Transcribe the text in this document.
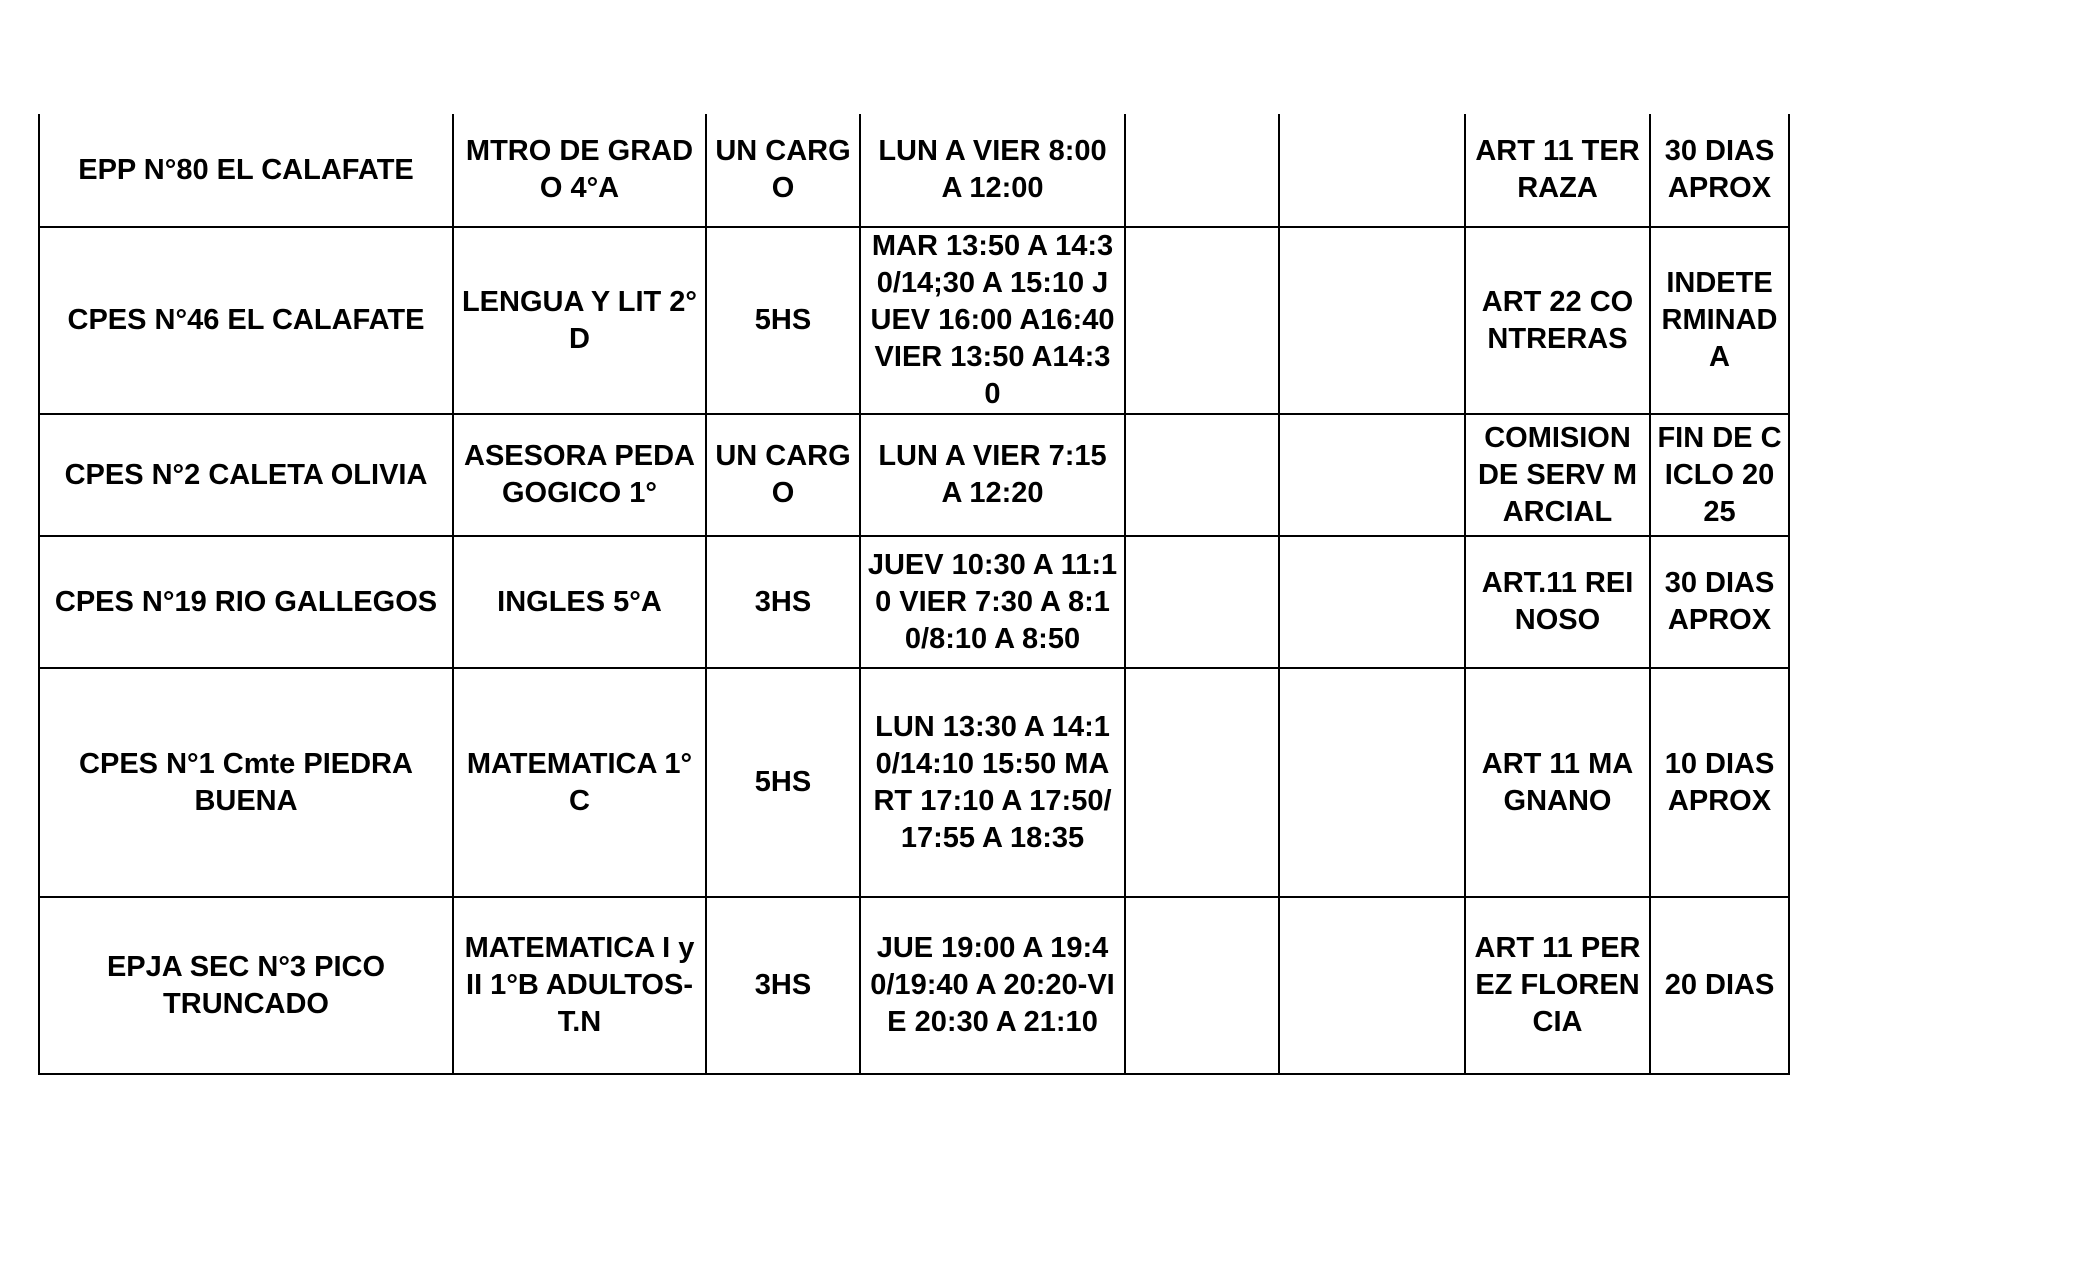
EPP N°80 EL CALAFATE	MTRO DE GRADO 4°A	UN CARGO	LUN A VIER 8:00 A 12:00			ART 11 TERRAZA	30 DIAS APROX
CPES N°46 EL CALAFATE	LENGUA Y LIT 2°D	5HS	MAR 13:50 A 14:30/14;30 A 15:10 JUEV 16:00 A16:40 VIER 13:50 A14:30			ART 22 CONTRERAS	INDETERMINADA
CPES N°2 CALETA OLIVIA	ASESORA PEDAGOGICO 1°	UN CARGO	LUN A VIER 7:15 A 12:20			COMISION DE SERV MARCIAL	FIN DE CICLO 2025
CPES N°19 RIO GALLEGOS	INGLES 5°A	3HS	JUEV 10:30 A 11:10 VIER 7:30 A 8:10/8:10 A 8:50			ART.11 REINOSO	30 DIAS APROX
CPES N°1 Cmte PIEDRA BUENA	MATEMATICA 1° C	5HS	LUN 13:30 A 14:10/14:10 15:50 MART 17:10 A 17:50/17:55 A 18:35			ART 11 MAGNANO	10 DIAS APROX
EPJA SEC N°3 PICO TRUNCADO	MATEMATICA I y II 1°B ADULTOS-T.N	3HS	JUE 19:00 A 19:40/19:40 A 20:20-VIE 20:30 A 21:10			ART 11 PEREZ FLORENCIA	20 DIAS
